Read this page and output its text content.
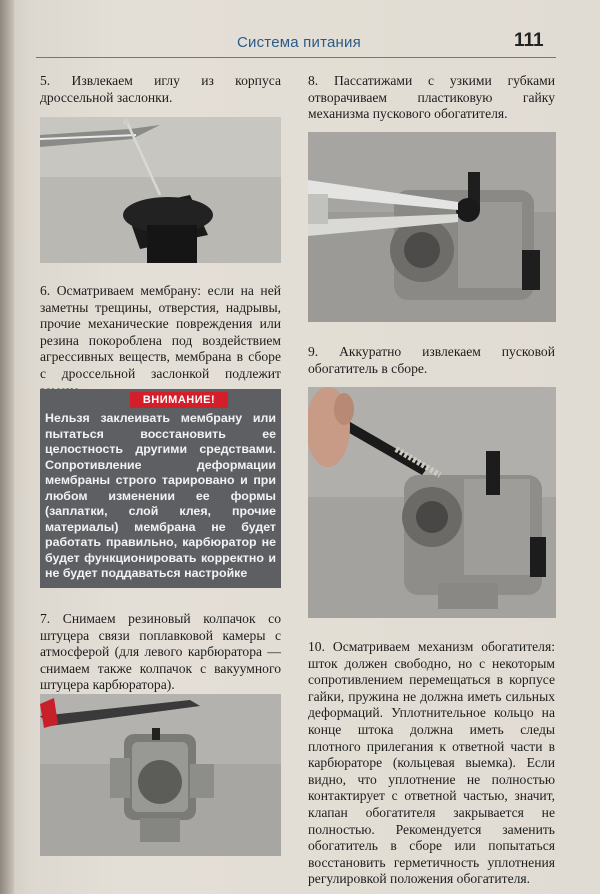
Система питания	111

5. Извлекаем иглу из корпуса дроссельной заслонки.

6. Осматриваем мембрану: если на ней заметны трещины, отверстия, надрывы, прочие механические повреждения или резина покороблена под воздействием агрессивных веществ, мембрана в сборе с дроссельной заслонкой подлежит

ВНИМАНИЕ!

Нельзя заклеивать мембрану или пытаться восстановить ее целостность другими средствами. Сопротивление деформации мембраны строго тарировано и при любом изменении ее формы (заплатки, слой клея, прочие материалы) мембрана не будет работать правильно, карбюратор не будет функционировать корректно и не будет поддаваться настройке

7. Снимаем резиновый колпачок со штуцера связи поплавковой камеры с атмосферой (для левого карбюратора — снимаем также колпачок с вакуумного штуцера карбюратора).

8. Пассатижами с узкими губками отворачиваем пластиковую гайку механизма пускового обогатителя.

9. Аккуратно извлекаем пусковой обогатитель в сборе.

10. Осматриваем механизм обогатителя: шток должен свободно, но с некоторым сопротивлением перемещаться в корпусе гайки, пружина не должна иметь сильных деформаций. Уплотнительное кольцо на конце штока должна иметь следы плотного прилегания к ответной части в карбюраторе (кольцевая выемка). Если видно, что уплотнение не полностью контактирует с ответной частью, значит, клапан обогатителя закрывается не полностью. Рекомендуется заменить обогатитель в сборе или попытаться восстановить герметичность уплотнения регулировкой положения обогатителя.
